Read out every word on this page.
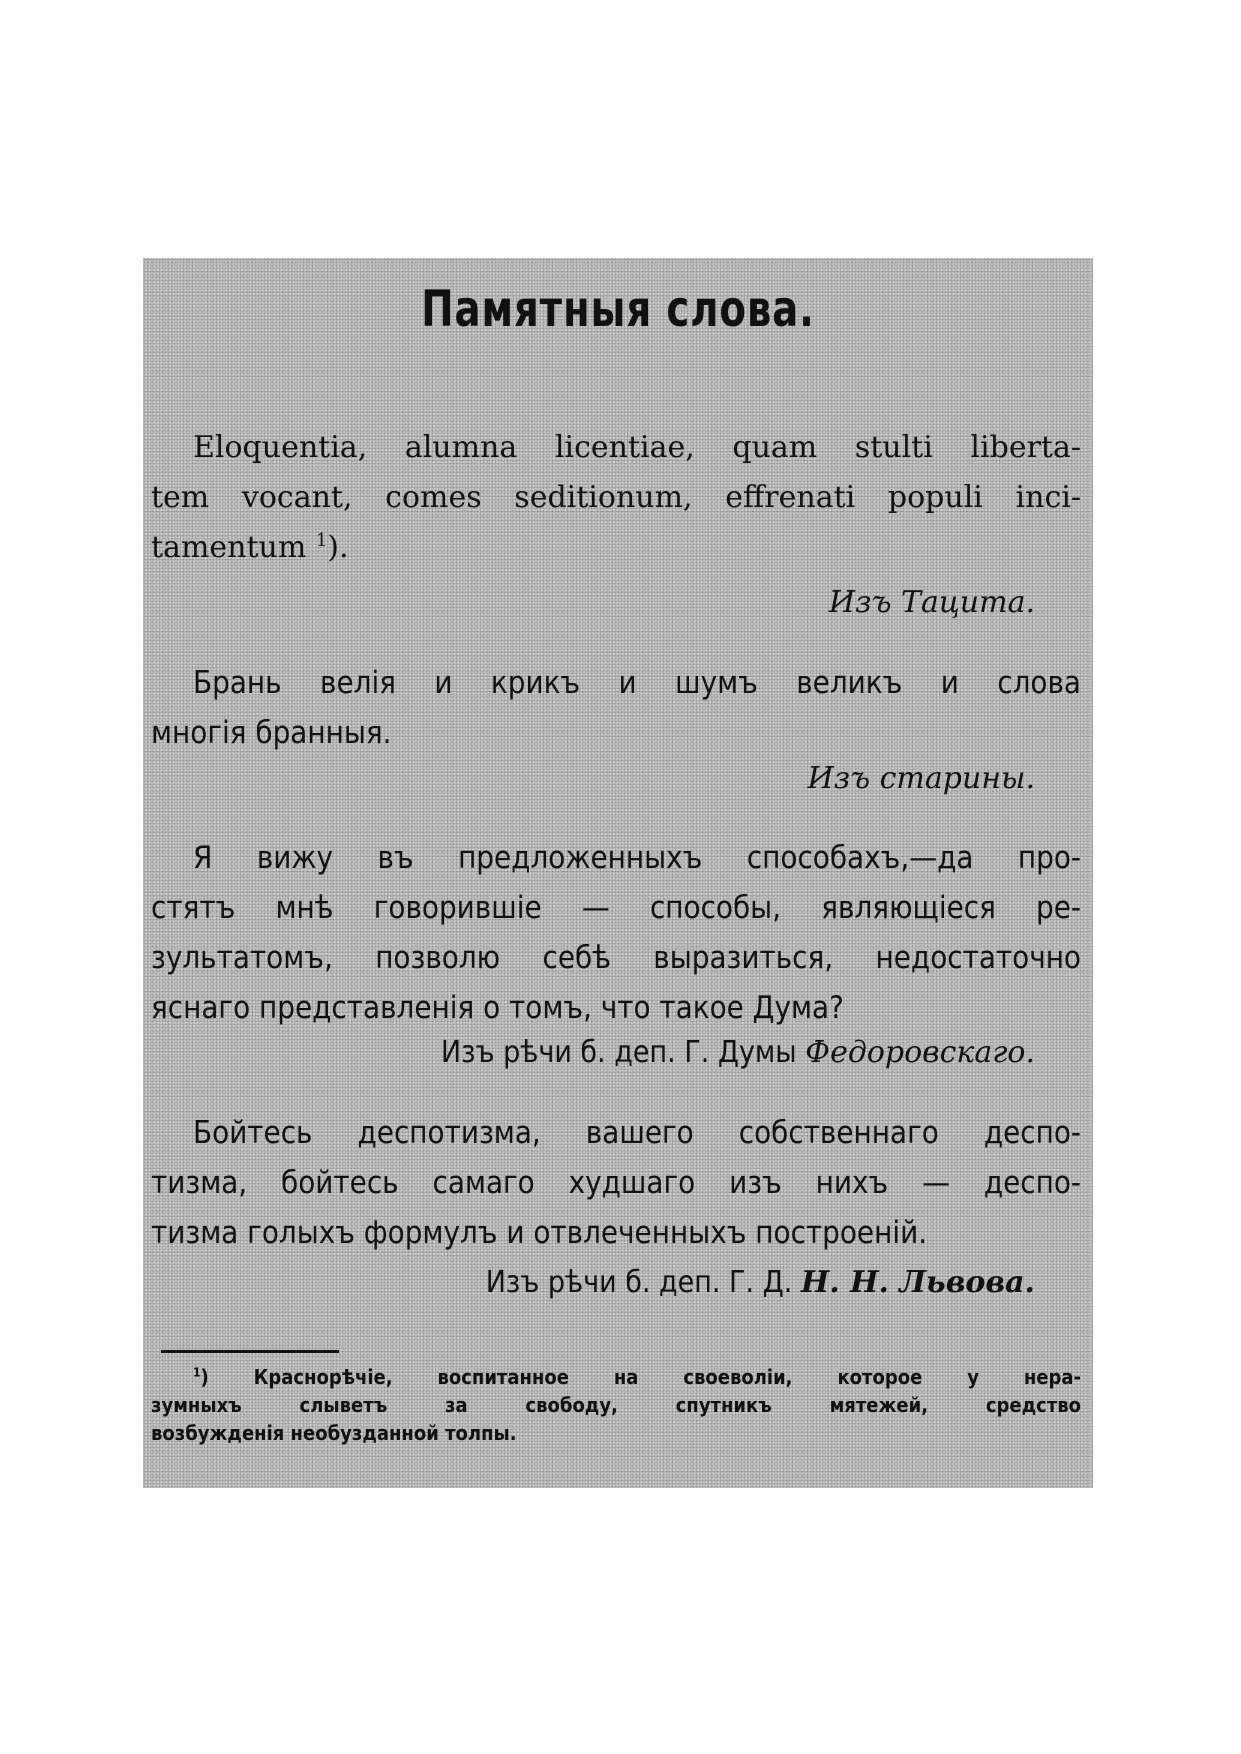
Памятныя слова.
Eloquentia, alumna licentiae, quam stulti liberta-
tem vocant, comes seditionum, effrenati populi inci-
tamentum $^1$).
Изъ Тацита.
Брань велія и крикъ и шумъ великъ и слова
многія бранныя.
Изъ старины.
Я вижу въ предложенныхъ способахъ,—да про-
стятъ мнѣ говорившіе — способы, являющіеся ре-
зультатомъ, позволю себѣ выразиться, недостаточно
яснаго представленія о томъ, что такое Дума?
Изъ рѣчи б. деп. Г. Думы Федоровскаго.
Бойтесь деспотизма, вашего собственнаго деспо-
тизма, бойтесь самаго худшаго изъ нихъ — деспо-
тизма голыхъ формулъ и отвлеченныхъ построеній.
Изъ рѣчи б. деп. Г. Д. Н. Н. Львова.
$^1$) Краснорѣчіе, воспитанное на своеволіи, которое у нера-
зумныхъ слыветъ за свободу, спутникъ мятежей, средство
возбужденія необузданной толпы.
